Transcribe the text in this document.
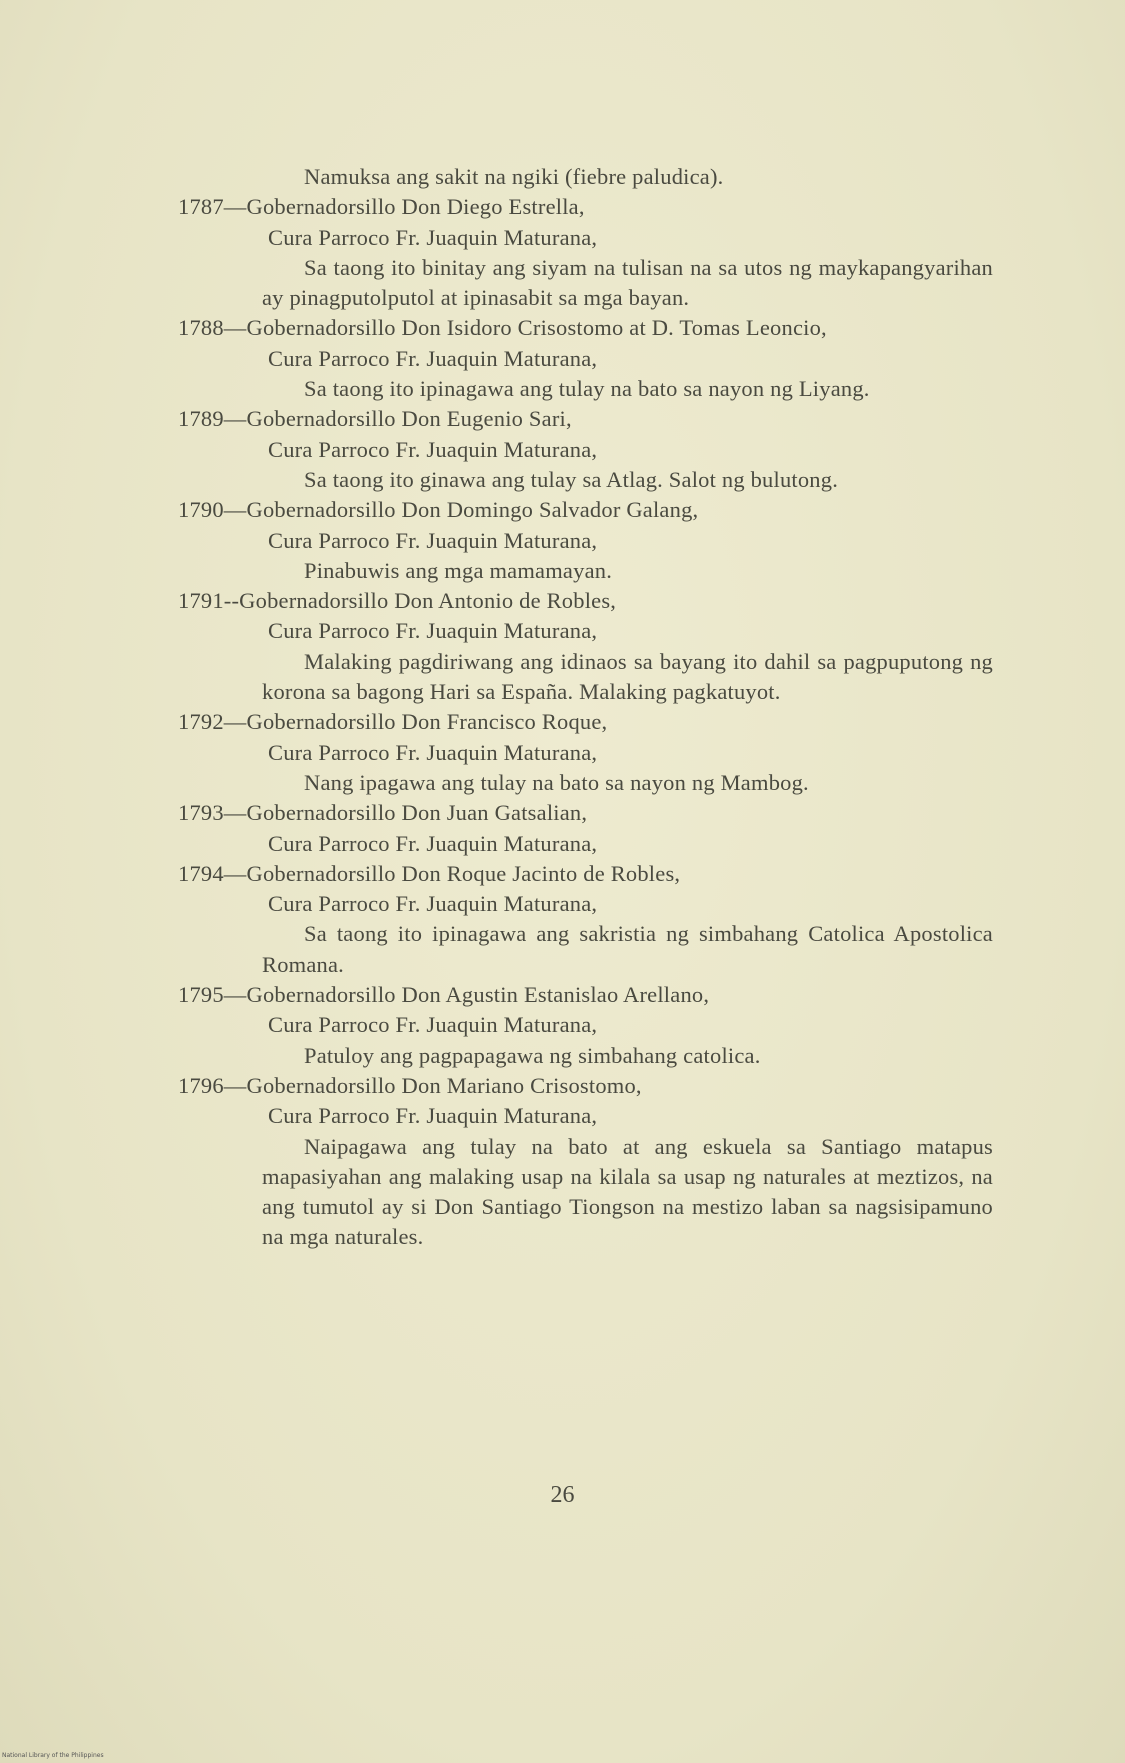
Namuksa ang sakit na ngiki (fiebre paludica).
1787—Gobernadorsillo Don Diego Estrella,
Cura Parroco Fr. Juaquin Maturana,
Sa taong ito binitay ang siyam na tulisan na sa utos ng maykapangyarihan ay pinagputolputol at ipinasabit sa mga bayan.
1788—Gobernadorsillo Don Isidoro Crisostomo at D. Tomas Leoncio,
Cura Parroco Fr. Juaquin Maturana,
Sa taong ito ipinagawa ang tulay na bato sa nayon ng Liyang.
1789—Gobernadorsillo Don Eugenio Sari,
Cura Parroco Fr. Juaquin Maturana,
Sa taong ito ginawa ang tulay sa Atlag. Salot ng bulutong.
1790—Gobernadorsillo Don Domingo Salvador Galang,
Cura Parroco Fr. Juaquin Maturana,
Pinabuwis ang mga mamamayan.
1791--Gobernadorsillo Don Antonio de Robles,
Cura Parroco Fr. Juaquin Maturana,
Malaking pagdiriwang ang idinaos sa bayang ito dahil sa pagpuputong ng korona sa bagong Hari sa España. Malaking pagkatuyot.
1792—Gobernadorsillo Don Francisco Roque,
Cura Parroco Fr. Juaquin Maturana,
Nang ipagawa ang tulay na bato sa nayon ng Mambog.
1793—Gobernadorsillo Don Juan Gatsalian,
Cura Parroco Fr. Juaquin Maturana,
1794—Gobernadorsillo Don Roque Jacinto de Robles,
Cura Parroco Fr. Juaquin Maturana,
Sa taong ito ipinagawa ang sakristia ng simbahang Catolica Apostolica Romana.
1795—Gobernadorsillo Don Agustin Estanislao Arellano,
Cura Parroco Fr. Juaquin Maturana,
Patuloy ang pagpapagawa ng simbahang catolica.
1796—Gobernadorsillo Don Mariano Crisostomo,
Cura Parroco Fr. Juaquin Maturana,
Naipagawa ang tulay na bato at ang eskuela sa Santiago matapus mapasiyahan ang malaking usap na kilala sa usap ng naturales at meztizos, na ang tumutol ay si Don Santiago Tiongson na mestizo laban sa nagsisipamuno na mga naturales.
26
National Library of the Philippines
